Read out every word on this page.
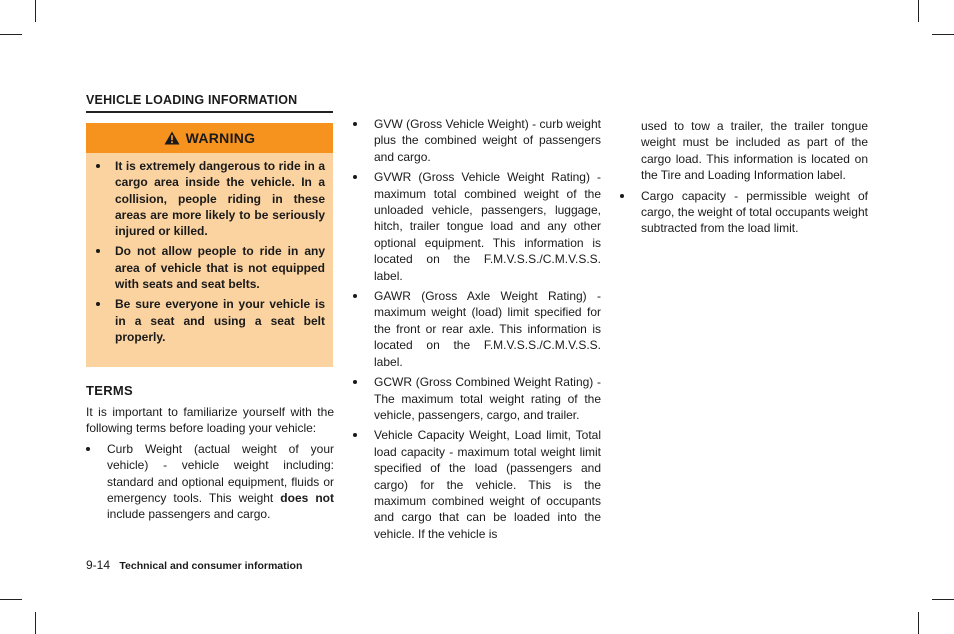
VEHICLE LOADING INFORMATION
WARNING
It is extremely dangerous to ride in a cargo area inside the vehicle. In a collision, people riding in these areas are more likely to be seriously injured or killed.
Do not allow people to ride in any area of vehicle that is not equipped with seats and seat belts.
Be sure everyone in your vehicle is in a seat and using a seat belt properly.
TERMS

It is important to familiarize yourself with the following terms before loading your vehicle:

Curb Weight (actual weight of your vehicle) - vehicle weight including: standard and optional equipment, fluids or emergency tools. This weight does not include passengers and cargo.
GVW (Gross Vehicle Weight) - curb weight plus the combined weight of passengers and cargo.
GVWR (Gross Vehicle Weight Rating) - maximum total combined weight of the unloaded vehicle, passengers, luggage, hitch, trailer tongue load and any other optional equipment. This information is located on the F.M.V.S.S./C.M.V.S.S. label.
GAWR (Gross Axle Weight Rating) - maximum weight (load) limit specified for the front or rear axle. This information is located on the F.M.V.S.S./C.M.V.S.S. label.
GCWR (Gross Combined Weight Rating) - The maximum total weight rating of the vehicle, passengers, cargo, and trailer.
Vehicle Capacity Weight, Load limit, Total load capacity - maximum total weight limit specified of the load (passengers and cargo) for the vehicle. This is the maximum combined weight of occupants and cargo that can be loaded into the vehicle. If the vehicle is

used to tow a trailer, the trailer tongue weight must be included as part of the cargo load. This information is located on the Tire and Loading Information label.

Cargo capacity - permissible weight of cargo, the weight of total occupants weight subtracted from the load limit.
9-14 Technical and consumer information
